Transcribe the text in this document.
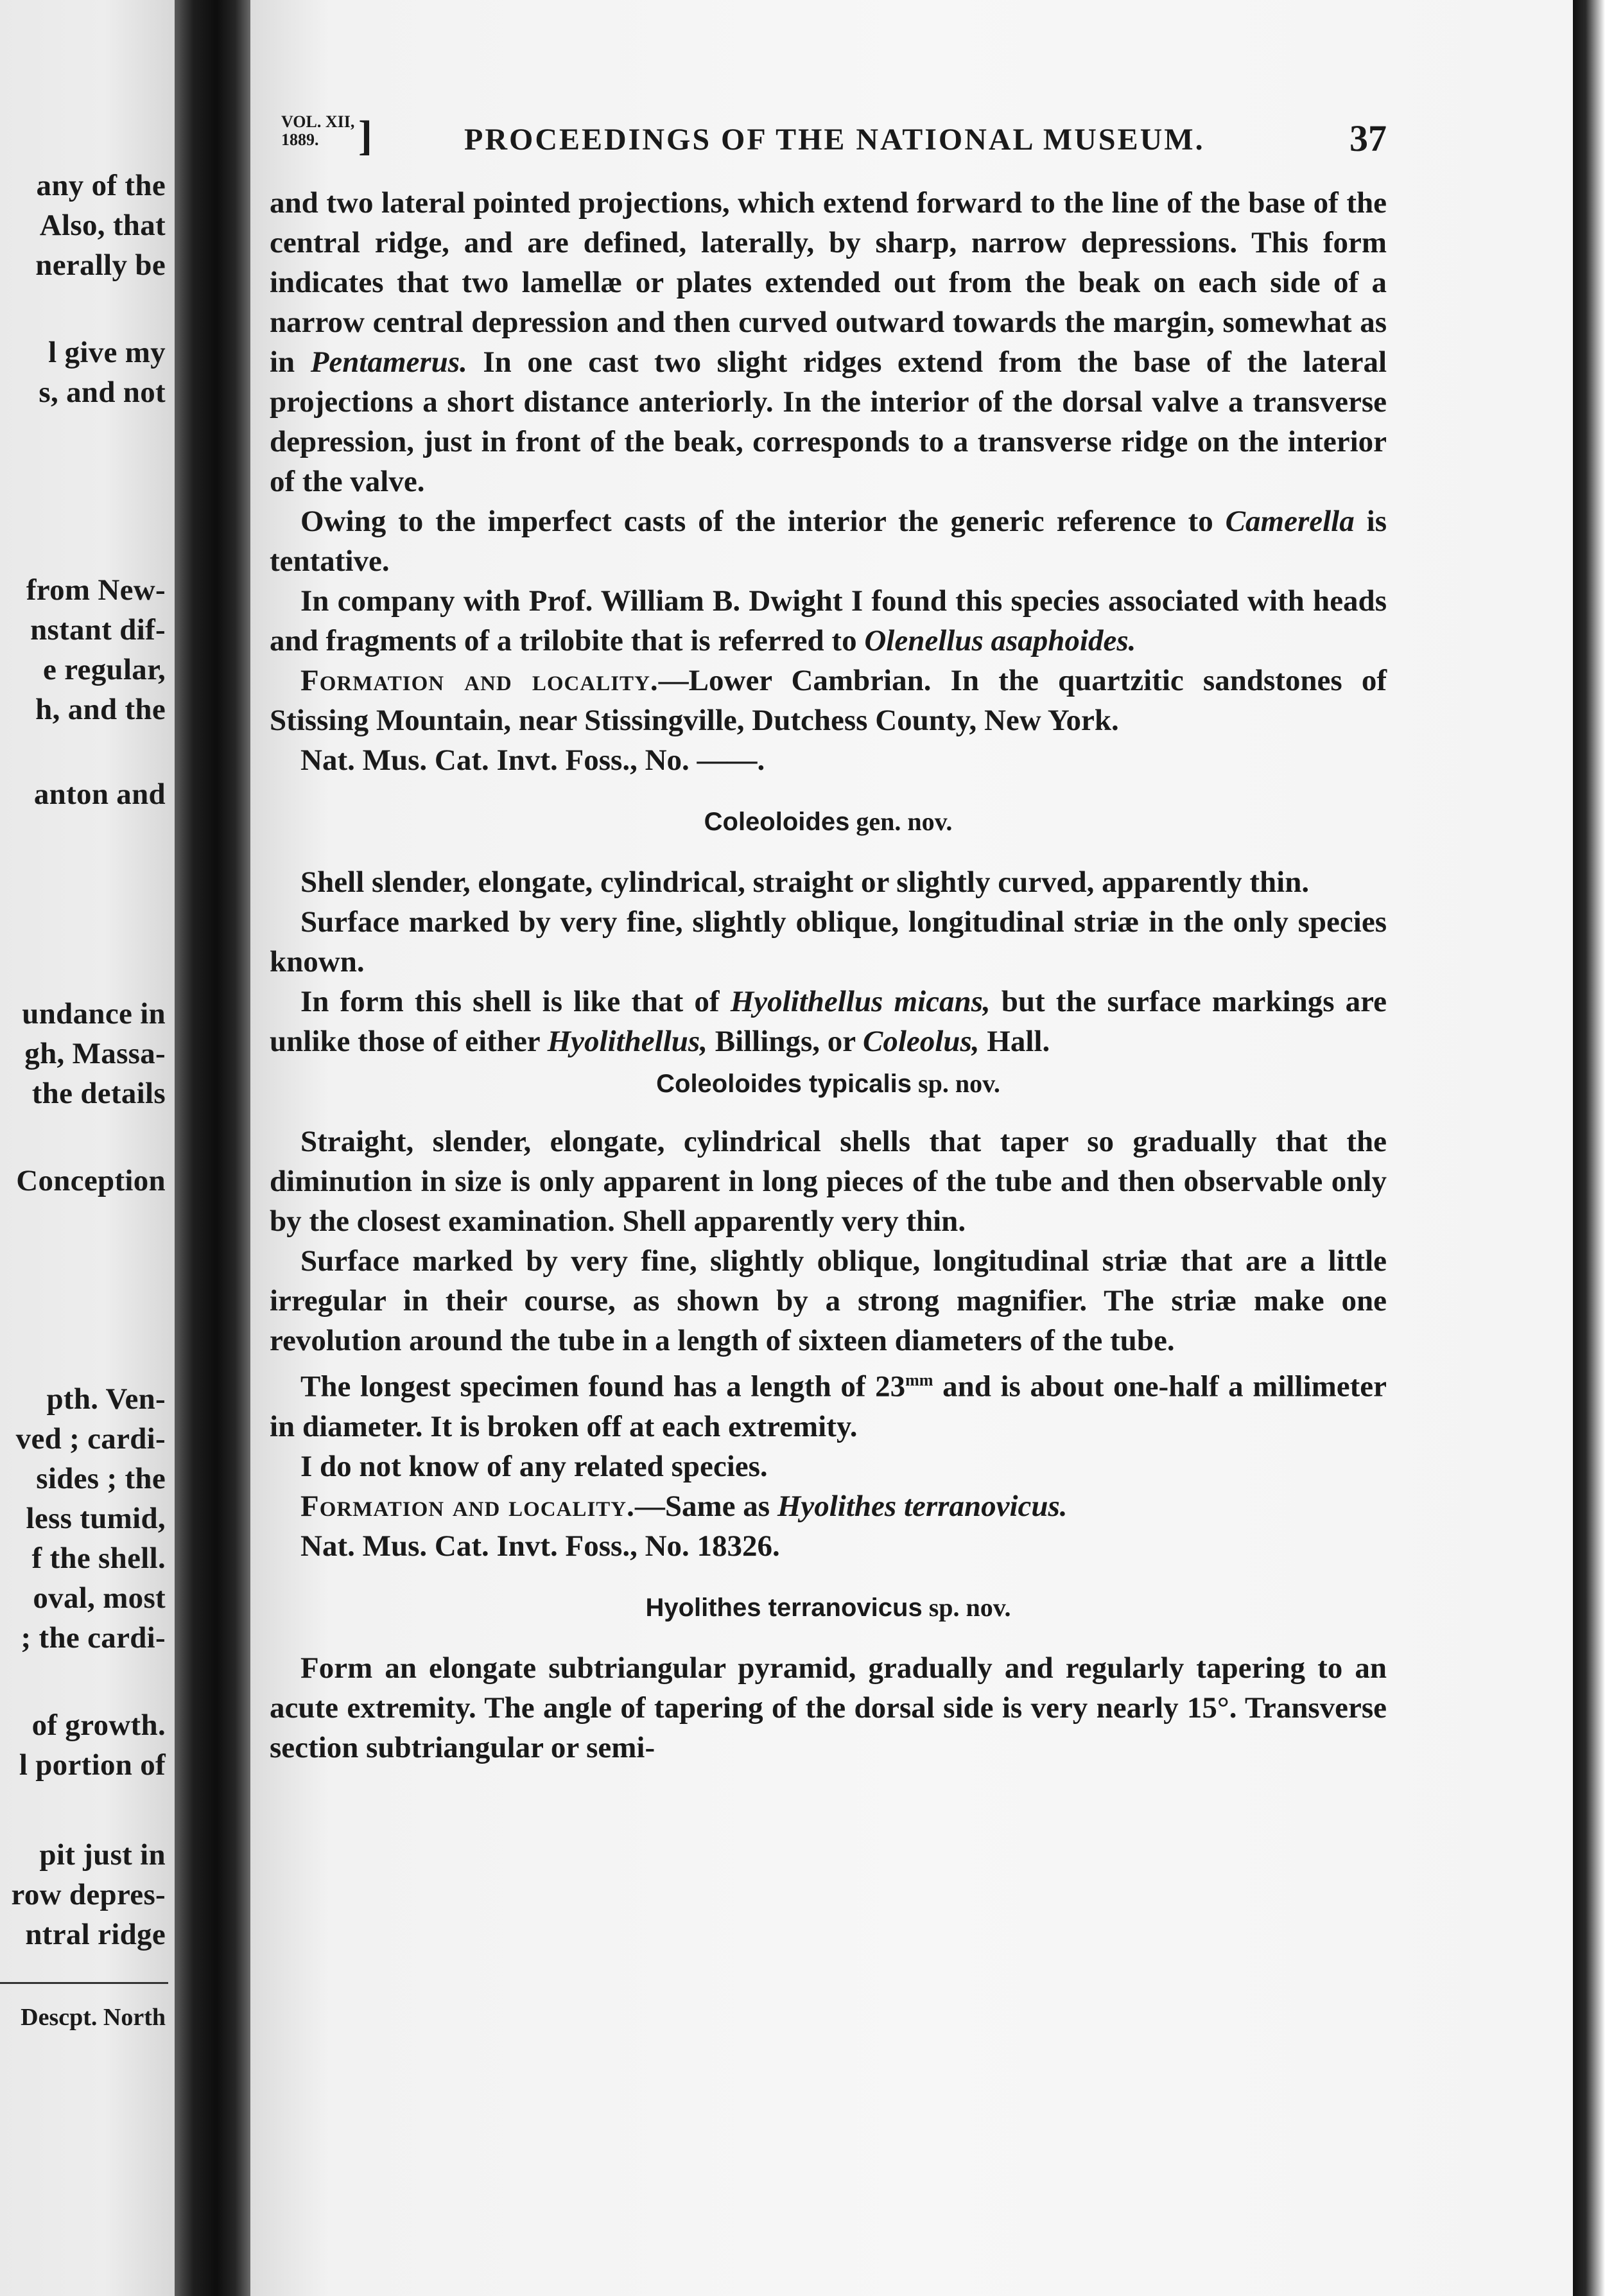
Descpt. North
any of the
Also, that
nerally be
l give my
s, and not
from New-
nstant dif-
e regular,
h, and the
anton and
undance in
gh, Massa-
the details
Conception
pth. Ven-
ved ; cardi-
sides ; the
less tumid,
f the shell.
oval, most
; the cardi-
of growth.
l portion of
pit just in
row depres-
ntral ridge
VOL. XII,
1889. ]	PROCEEDINGS OF THE NATIONAL MUSEUM.	37

and two lateral pointed projections, which extend forward to the line of the base of the central ridge, and are defined, laterally, by sharp, narrow depressions. This form indicates that two lamellæ or plates extended out from the beak on each side of a narrow central depression and then curved outward towards the margin, somewhat as in Pentamerus. In one cast two slight ridges extend from the base of the lateral projections a short distance anteriorly. In the interior of the dorsal valve a transverse depression, just in front of the beak, corresponds to a transverse ridge on the interior of the valve.

Owing to the imperfect casts of the interior the generic reference to Camerella is tentative.

In company with Prof. William B. Dwight I found this species associated with heads and fragments of a trilobite that is referred to Olenellus asaphoides.

Formation and locality.—Lower Cambrian. In the quartzitic sandstones of Stissing Mountain, near Stissingville, Dutchess County, New York.

Nat. Mus. Cat. Invt. Foss., No. ——.

Coleoloides gen. nov.

Shell slender, elongate, cylindrical, straight or slightly curved, apparently thin.

Surface marked by very fine, slightly oblique, longitudinal striæ in the only species known.

In form this shell is like that of Hyolithellus micans, but the surface markings are unlike those of either Hyolithellus, Billings, or Coleolus, Hall.

Coleoloides typicalis sp. nov.

Straight, slender, elongate, cylindrical shells that taper so gradually that the diminution in size is only apparent in long pieces of the tube and then observable only by the closest examination. Shell apparently very thin.

Surface marked by very fine, slightly oblique, longitudinal striæ that are a little irregular in their course, as shown by a strong magnifier. The striæ make one revolution around the tube in a length of sixteen diameters of the tube.

The longest specimen found has a length of $23^{mm}$ and is about one-half a millimeter in diameter. It is broken off at each extremity.

I do not know of any related species.

Formation and locality.—Same as Hyolithes terranovicus.

Nat. Mus. Cat. Invt. Foss., No. 18326.

Hyolithes terranovicus sp. nov.

Form an elongate subtriangular pyramid, gradually and regularly tapering to an acute extremity. The angle of tapering of the dorsal side is very nearly 15°. Transverse section subtriangular or semi-
